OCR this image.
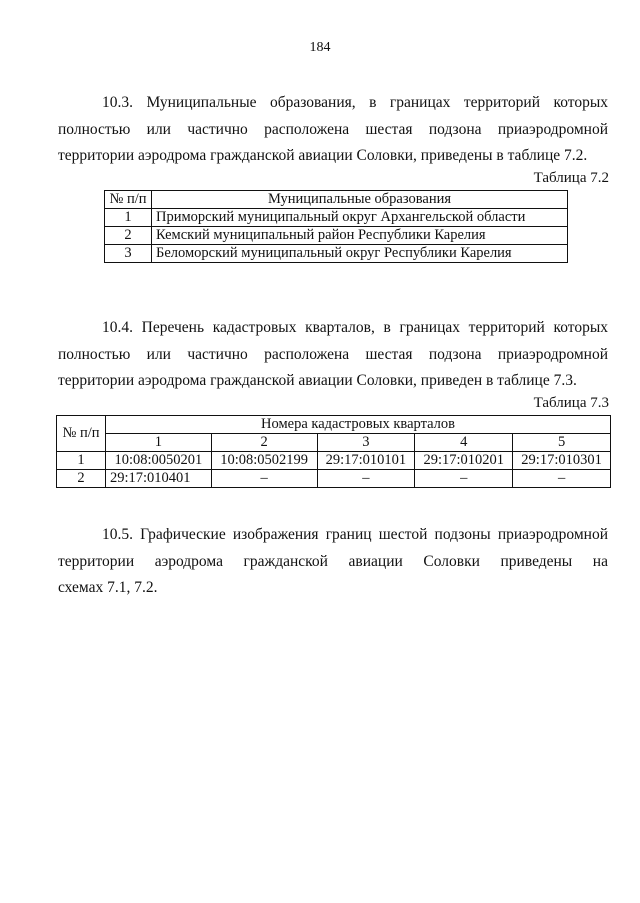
184

10.3. Муниципальные образования, в границах территорий которых полностью или частично расположена шестая подзона приаэродромной территории аэродрома гражданской авиации Соловки, приведены в таблице 7.2.

Таблица 7.2
№ п/п	Муниципальные образования
1	Приморский муниципальный округ Архангельской области
2	Кемский муниципальный район Республики Карелия
3	Беломорский муниципальный округ Республики Карелия

10.4. Перечень кадастровых кварталов, в границах территорий которых полностью или частично расположена шестая подзона приаэродромной территории аэродрома гражданской авиации Соловки, приведен в таблице 7.3.

Таблица 7.3
№ п/п	Номера кадастровых кварталов				
	1	2	3	4	5
1	10:08:0050201	10:08:0502199	29:17:010101	29:17:010201	29:17:010301
2	29:17:010401	–	–	–	–
10.5. Графические изображения границ шестой подзоны приаэродромной территории аэродрома гражданской авиации Соловки приведены на
схемах 7.1, 7.2.
